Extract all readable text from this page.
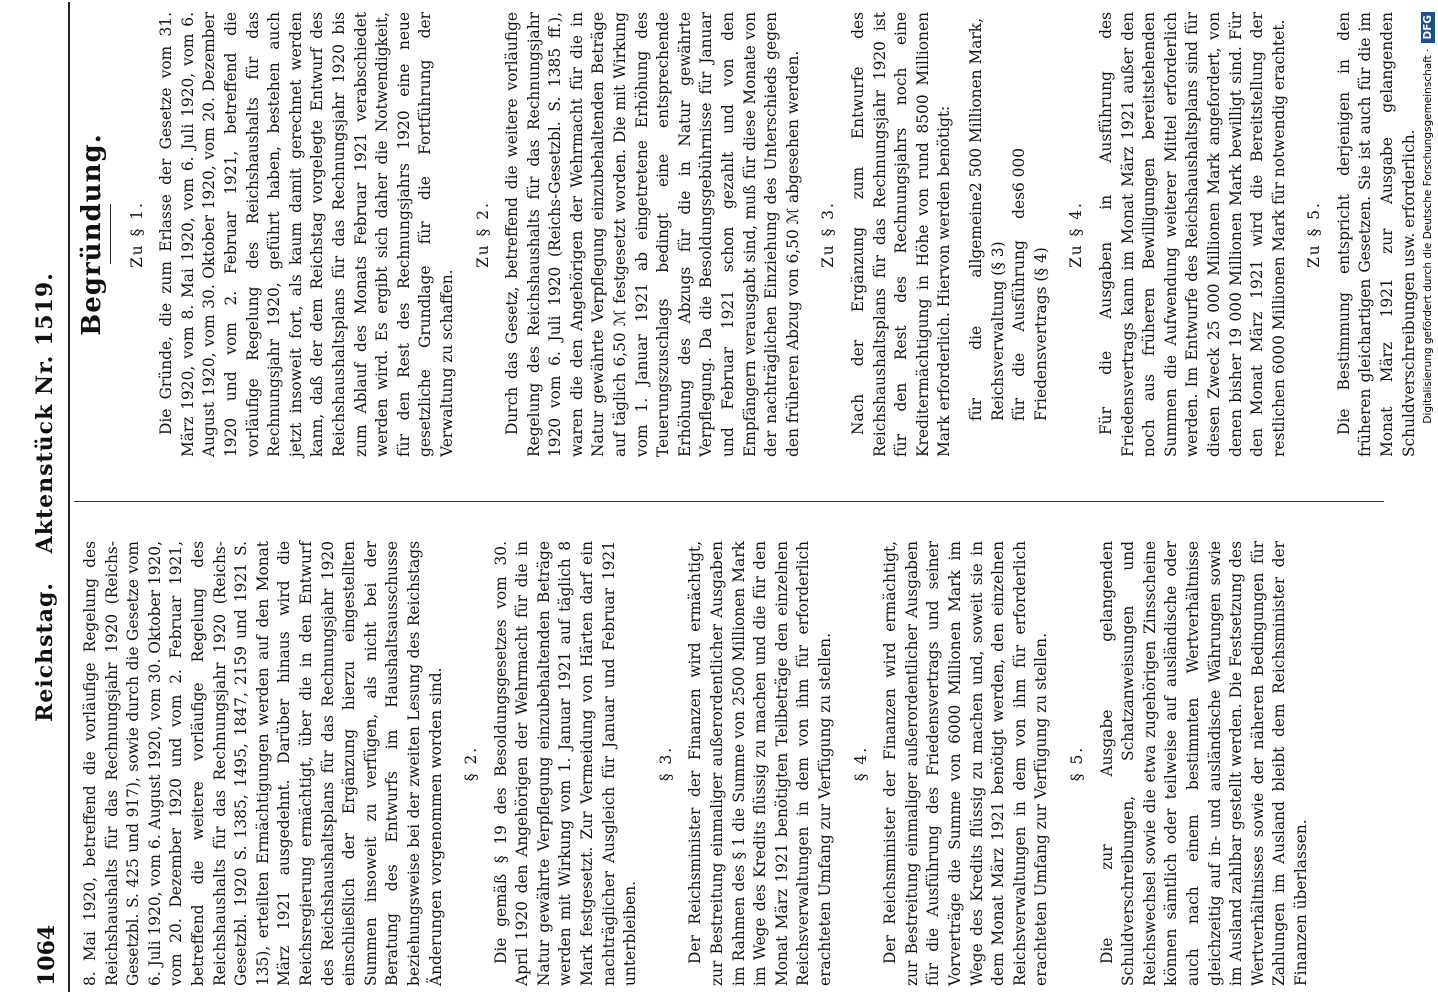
1064
Reichstag. Aktenstück Nr. 1519.

8. Mai 1920, betreffend die vorläufige Regelung des Reichshaushalts für das Rechnungsjahr 1920 (Reichs-Gesetzbl. S. 425 und 917), sowie durch die Gesetze vom 6. Juli 1920, vom 6. August 1920, vom 30. Oktober 1920, vom 20. Dezember 1920 und vom 2. Februar 1921, betreffend die weitere vorläufige Regelung des Reichshaushalts für das Rechnungsjahr 1920 (Reichs-Gesetzbl. 1920 S. 1385, 1495, 1847, 2159 und 1921 S. 135), erteilten Ermächtigungen werden auf den Monat März 1921 ausgedehnt. Darüber hinaus wird die Reichsregierung ermächtigt, über die in den Entwurf des Reichshaushaltsplans für das Rechnungsjahr 1920 einschließlich der Ergänzung hierzu eingestellten Summen insoweit zu verfügen, als nicht bei der Beratung des Entwurfs im Haushaltsausschusse beziehungsweise bei der zweiten Lesung des Reichstags Änderungen vorgenommen worden sind. § 2. Die gemäß § 19 des Besoldungsgesetzes vom 30. April 1920 den Angehörigen der Wehrmacht für die in Natur gewährte Verpflegung einzubehaltenden Beträge werden mit Wirkung vom 1. Januar 1921 auf täglich 8 Mark festgesetzt. Zur Vermeidung von Härten darf ein nachträglicher Ausgleich für Januar und Februar 1921 unterbleiben.

§ 3. Der Reichsminister der Finanzen wird ermächtigt, zur Bestreitung einmaliger außerordentlicher Ausgaben im Rahmen des § 1 die Summe von 2500 Millionen Mark im Wege des Kredits flüssig zu machen und die für den Monat März 1921 benötigten Teilbeträge den einzelnen Reichsverwaltungen in dem von ihm für erforderlich erachteten Umfang zur Verfügung zu stellen. § 4. Der Reichsminister der Finanzen wird ermächtigt, zur Bestreitung einmaliger außerordentlicher Ausgaben für die Ausführung des Friedensvertrags und seiner Vorverträge die Summe von 6000 Millionen Mark im Wege des Kredits flüssig zu machen und, soweit sie in dem Monat März 1921 benötigt werden, den einzelnen Reichsverwaltungen in dem von ihm für erforderlich erachteten Umfang zur Verfügung zu stellen. § 5. Die zur Ausgabe gelangenden Schuldverschreibungen, Schatzanweisungen und Reichswechsel sowie die etwa zugehörigen Zinsscheine können sämtlich oder teilweise auf ausländische oder auch nach einem bestimmten Wertverhältnisse gleichzeitig auf in- und ausländische Währungen sowie im Ausland zahlbar gestellt werden. Die Festsetzung des Wertverhältnisses sowie der näheren Bedingungen für Zahlungen im Ausland bleibt dem Reichsminister der Finanzen überlassen.

Begründung. Zu § 1. Die Gründe, die zum Erlasse der Gesetze vom 31. März 1920, vom 8. Mai 1920, vom 6. Juli 1920, vom 6. August 1920, vom 30. Oktober 1920, vom 20. Dezember 1920 und vom 2. Februar 1921, betreffend die vorläufige Regelung des Reichshaushalts für das Rechnungsjahr 1920, geführt haben, bestehen auch jetzt insoweit fort, als kaum damit gerechnet werden kann, daß der dem Reichstag vorgelegte Entwurf des Reichshaushaltsplans für das Rechnungsjahr 1920 bis zum Ablauf des Monats Februar 1921 verabschiedet werden wird. Es ergibt sich daher die Notwendigkeit, für den Rest des Rechnungsjahrs 1920 eine neue gesetzliche Grundlage für die Fortführung der Verwaltung zu schaffen.

Zu § 2. Durch das Gesetz, betreffend die weitere vorläufige Regelung des Reichshaushalts für das Rechnungsjahr 1920 vom 6. Juli 1920 (Reichs-Gesetzbl. S. 1385 ff.), waren die den Angehörigen der Wehrmacht für die in Natur gewährte Verpflegung einzubehaltenden Beträge auf täglich 6,50 ℳ festgesetzt worden. Die mit Wirkung vom 1. Januar 1921 ab eingetretene Erhöhung des Teuerungszuschlags bedingt eine entsprechende Erhöhung des Abzugs für die in Natur gewährte Verpflegung. Da die Besoldungsgebührnisse für Januar und Februar 1921 schon gezahlt und von den Empfängern verausgabt sind, muß für diese Monate von der nachträglichen Einziehung des Unterschieds gegen den früheren Abzug von 6,50 ℳ abgesehen werden. Zu § 3. Nach der Ergänzung zum Entwurfe des Reichshaushaltsplans für das Rechnungsjahr 1920 ist für den Rest des Rechnungsjahrs noch eine Kreditermächtigung in Höhe von rund 8500 Millionen Mark erforderlich. Hiervon werden benötigt: für die allgemeine Reichsverwaltung (§ 3)
2 500 Millionen Mark,
für die Ausführung des Friedensvertrags (§ 4)
6 000
Zu § 4. Für die Ausgaben in Ausführung des Friedensvertrags kann im Monat März 1921 außer den noch aus früheren Bewilligungen bereitstehenden Summen die Aufwendung weiterer Mittel erforderlich werden. Im Entwurfe des Reichshaushaltsplans sind für diesen Zweck 25 000 Millionen Mark angefordert, von denen bisher 19 000 Millionen Mark bewilligt sind. Für den Monat März 1921 wird die Bereitstellung der restlichen 6000 Millionen Mark für notwendig erachtet. Zu § 5. Die Bestimmung entspricht derjenigen in den früheren gleichartigen Gesetzen. Sie ist auch für die im Monat März 1921 zur Ausgabe gelangenden Schuldverschreibungen usw. erforderlich. Digitalisierung gefördert durch die Deutsche Forschungsgemeinschaft ·DFG
